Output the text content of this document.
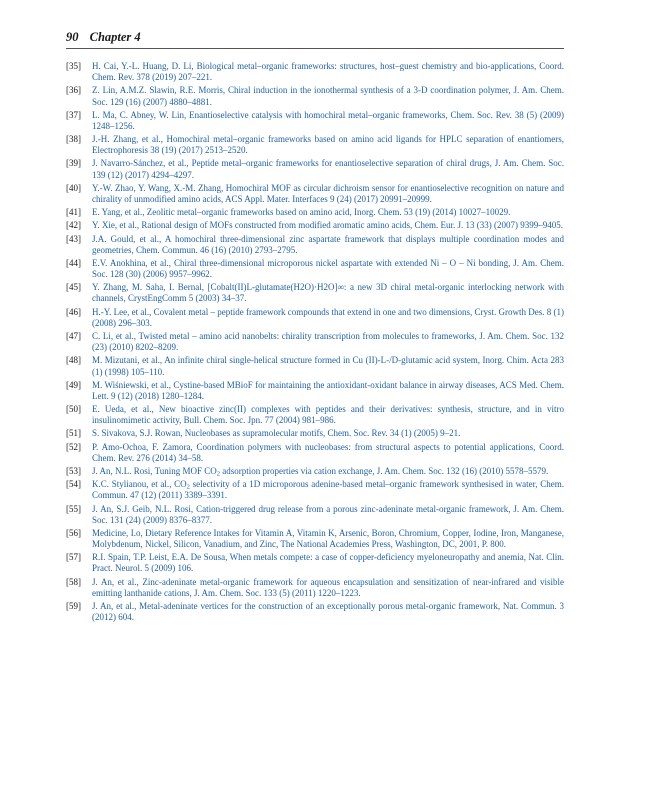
90 Chapter 4
[35]	H. Cai, Y.-L. Huang, D. Li, Biological metal–organic frameworks: structures, host–guest chemistry and bio-applications, Coord. Chem. Rev. 378 (2019) 207–221.
[36]	Z. Lin, A.M.Z. Slawin, R.E. Morris, Chiral induction in the ionothermal synthesis of a 3-D coordination polymer, J. Am. Chem. Soc. 129 (16) (2007) 4880–4881.
[37]	L. Ma, C. Abney, W. Lin, Enantioselective catalysis with homochiral metal–organic frameworks, Chem. Soc. Rev. 38 (5) (2009) 1248–1256.
[38]	J.-H. Zhang, et al., Homochiral metal–organic frameworks based on amino acid ligands for HPLC separation of enantiomers, Electrophoresis 38 (19) (2017) 2513–2520.
[39]	J. Navarro-Sánchez, et al., Peptide metal–organic frameworks for enantioselective separation of chiral drugs, J. Am. Chem. Soc. 139 (12) (2017) 4294–4297.
[40]	Y.-W. Zhao, Y. Wang, X.-M. Zhang, Homochiral MOF as circular dichroism sensor for enantioselective recognition on nature and chirality of unmodified amino acids, ACS Appl. Mater. Interfaces 9 (24) (2017) 20991–20999.
[41]	E. Yang, et al., Zeolitic metal–organic frameworks based on amino acid, Inorg. Chem. 53 (19) (2014) 10027–10029.
[42]	Y. Xie, et al., Rational design of MOFs constructed from modified aromatic amino acids, Chem. Eur. J. 13 (33) (2007) 9399–9405.
[43]	J.A. Gould, et al., A homochiral three-dimensional zinc aspartate framework that displays multiple coordination modes and geometries, Chem. Commun. 46 (16) (2010) 2793–2795.
[44]	E.V. Anokhina, et al., Chiral three-dimensional microporous nickel aspartate with extended Ni – O – Ni bonding, J. Am. Chem. Soc. 128 (30) (2006) 9957–9962.
[45]	Y. Zhang, M. Saha, I. Bernal, [Cobalt(II)L-glutamate(H2O)·H2O]∞: a new 3D chiral metal-organic interlocking network with channels, CrystEngComm 5 (2003) 34–37.
[46]	H.-Y. Lee, et al., Covalent metal – peptide framework compounds that extend in one and two dimensions, Cryst. Growth Des. 8 (1) (2008) 296–303.
[47]	C. Li, et al., Twisted metal – amino acid nanobelts: chirality transcription from molecules to frameworks, J. Am. Chem. Soc. 132 (23) (2010) 8202–8209.
[48]	M. Mizutani, et al., An infinite chiral single-helical structure formed in Cu (II)-L-/D-glutamic acid system, Inorg. Chim. Acta 283 (1) (1998) 105–110.
[49]	M. Wiśniewski, et al., Cystine-based MBioF for maintaining the antioxidant-oxidant balance in airway diseases, ACS Med. Chem. Lett. 9 (12) (2018) 1280–1284.
[50]	E. Ueda, et al., New bioactive zinc(II) complexes with peptides and their derivatives: synthesis, structure, and in vitro insulinomimetic activity, Bull. Chem. Soc. Jpn. 77 (2004) 981–986.
[51]	S. Sivakova, S.J. Rowan, Nucleobases as supramolecular motifs, Chem. Soc. Rev. 34 (1) (2005) 9–21.
[52]	P. Amo-Ochoa, F. Zamora, Coordination polymers with nucleobases: from structural aspects to potential applications, Coord. Chem. Rev. 276 (2014) 34–58.
[53]	J. An, N.L. Rosi, Tuning MOF $CO_2$ adsorption properties via cation exchange, J. Am. Chem. Soc. 132 (16) (2010) 5578–5579.
[54]	K.C. Stylianou, et al., $CO_2$ selectivity of a 1D microporous adenine-based metal–organic framework synthesised in water, Chem. Commun. 47 (12) (2011) 3389–3391.
[55]	J. An, S.J. Geib, N.L. Rosi, Cation-triggered drug release from a porous zinc-adeninate metal-organic framework, J. Am. Chem. Soc. 131 (24) (2009) 8376–8377.
[56]	Medicine, I.o, Dietary Reference Intakes for Vitamin A, Vitamin K, Arsenic, Boron, Chromium, Copper, Iodine, Iron, Manganese, Molybdenum, Nickel, Silicon, Vanadium, and Zinc, The National Academies Press, Washington, DC, 2001, P. 800.
[57]	R.I. Spain, T.P. Leist, E.A. De Sousa, When metals compete: a case of copper-deficiency myeloneuropathy and anemia, Nat. Clin. Pract. Neurol. 5 (2009) 106.
[58]	J. An, et al., Zinc-adeninate metal-organic framework for aqueous encapsulation and sensitization of near-infrared and visible emitting lanthanide cations, J. Am. Chem. Soc. 133 (5) (2011) 1220–1223.
[59]	J. An, et al., Metal-adeninate vertices for the construction of an exceptionally porous metal-organic framework, Nat. Commun. 3 (2012) 604.
